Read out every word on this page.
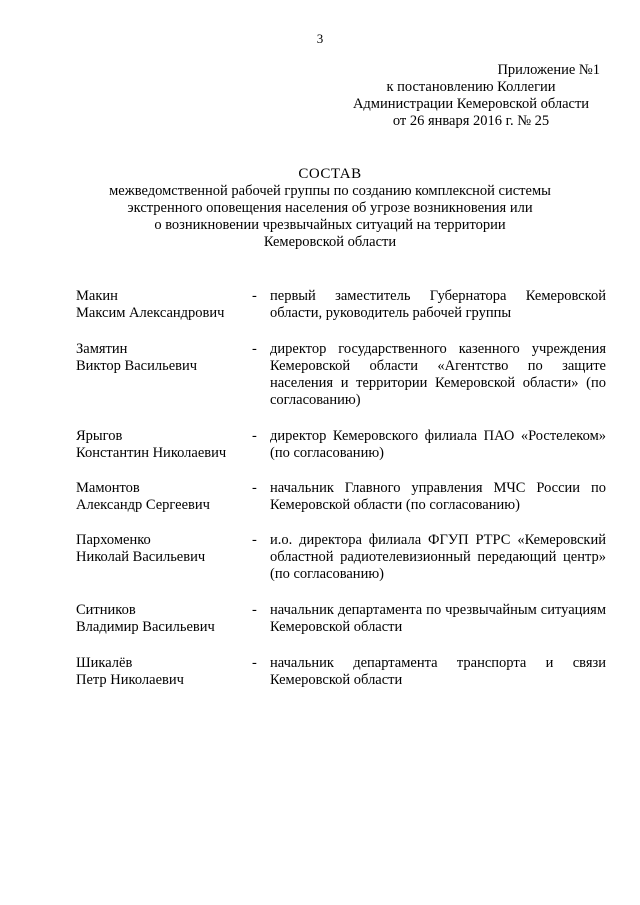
3
Приложение №1
к постановлению Коллегии
Администрации Кемеровской области
от 26 января 2016 г. № 25
СОСТАВ
межведомственной рабочей группы по созданию комплексной системы
экстренного оповещения населения об угрозе возникновения или
о возникновении чрезвычайных ситуаций на территории
Кемеровской области
Макин
Максим Александрович
- первый заместитель Губернатора Кемеровской области, руководитель рабочей группы
Замятин
Виктор Васильевич
- директор государственного казенного учреждения Кемеровской области «Агентство по защите населения и территории Кемеровской области» (по согласованию)
Ярыгов
Константин Николаевич
- директор Кемеровского филиала ПАО «Ростелеком» (по согласованию)
Мамонтов
Александр Сергеевич
- начальник Главного управления МЧС России по Кемеровской области (по согласованию)
Пархоменко
Николай Васильевич
- и.о. директора филиала ФГУП РТРС «Кемеровский областной радиотелевизионный передающий центр» (по согласованию)
Ситников
Владимир Васильевич
- начальник департамента по чрезвычайным ситуациям Кемеровской области
Шикалёв
Петр Николаевич
- начальник департамента транспорта и связи Кемеровской области
